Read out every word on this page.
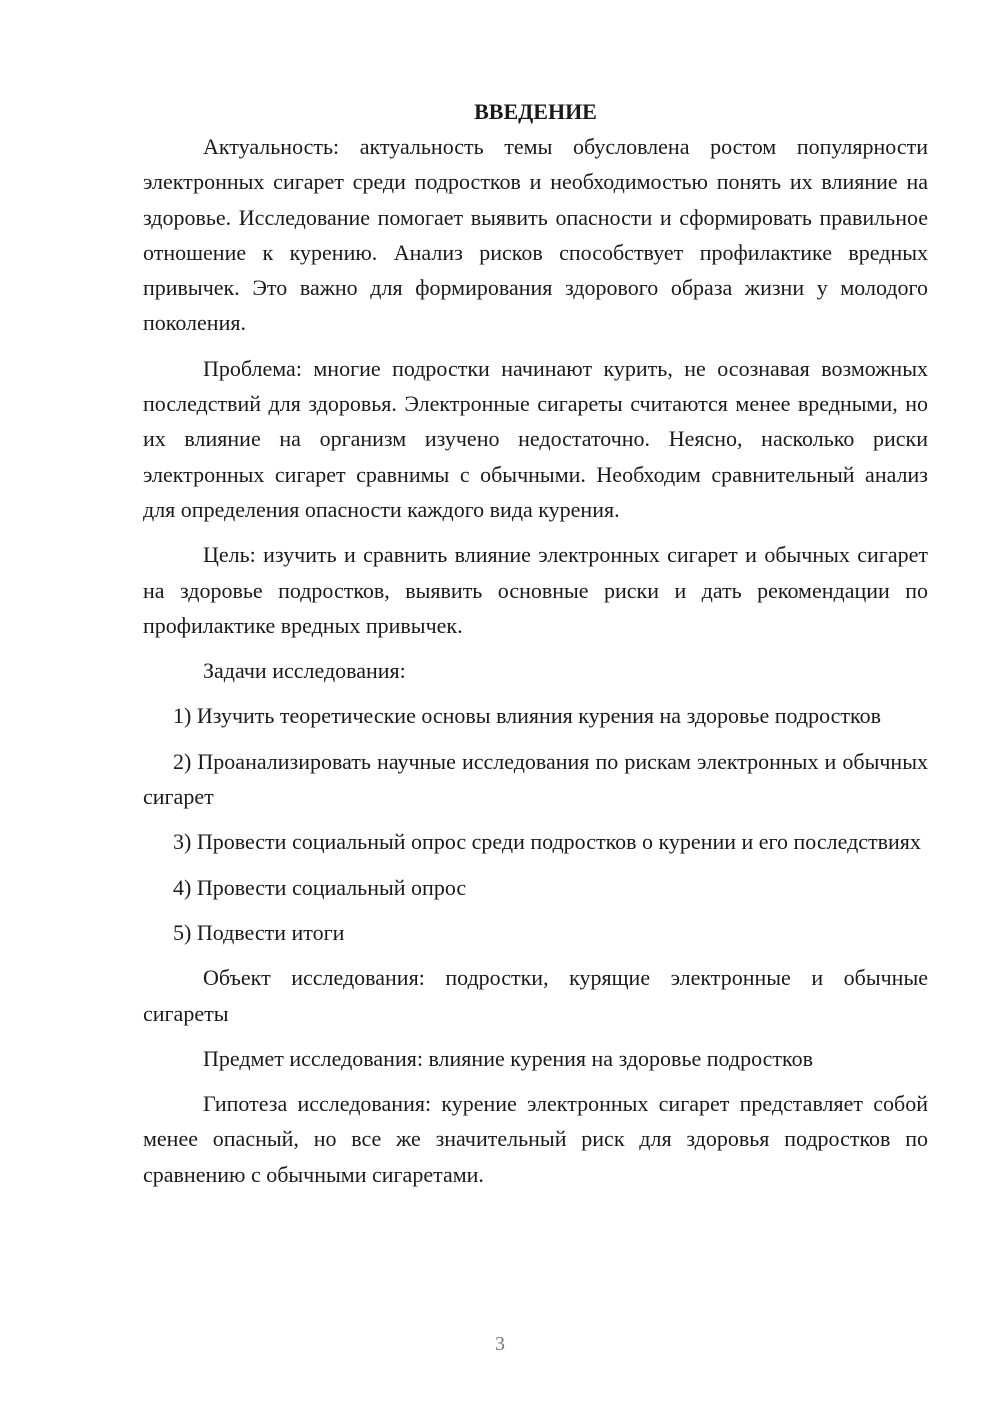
ВВЕДЕНИЕ

Актуальность: актуальность темы обусловлена ростом популярности электронных сигарет среди подростков и необходимостью понять их влияние на здоровье. Исследование помогает выявить опасности и сформировать правильное отношение к курению. Анализ рисков способствует профилактике вредных привычек. Это важно для формирования здорового образа жизни у молодого поколения.

Проблема: многие подростки начинают курить, не осознавая возможных последствий для здоровья. Электронные сигареты считаются менее вредными, но их влияние на организм изучено недостаточно. Неясно, насколько риски электронных сигарет сравнимы с обычными. Необходим сравнительный анализ для определения опасности каждого вида курения.

Цель: изучить и сравнить влияние электронных сигарет и обычных сигарет на здоровье подростков, выявить основные риски и дать рекомендации по профилактике вредных привычек.

Задачи исследования:

1) Изучить теоретические основы влияния курения на здоровье подростков

2) Проанализировать научные исследования по рискам электронных и обычных сигарет

3) Провести социальный опрос среди подростков о курении и его последствиях

4) Провести социальный опрос

5) Подвести итоги

Объект исследования: подростки, курящие электронные и обычные сигареты

Предмет исследования: влияние курения на здоровье подростков

Гипотеза исследования: курение электронных сигарет представляет собой менее опасный, но все же значительный риск для здоровья подростков по сравнению с обычными сигаретами.

3
